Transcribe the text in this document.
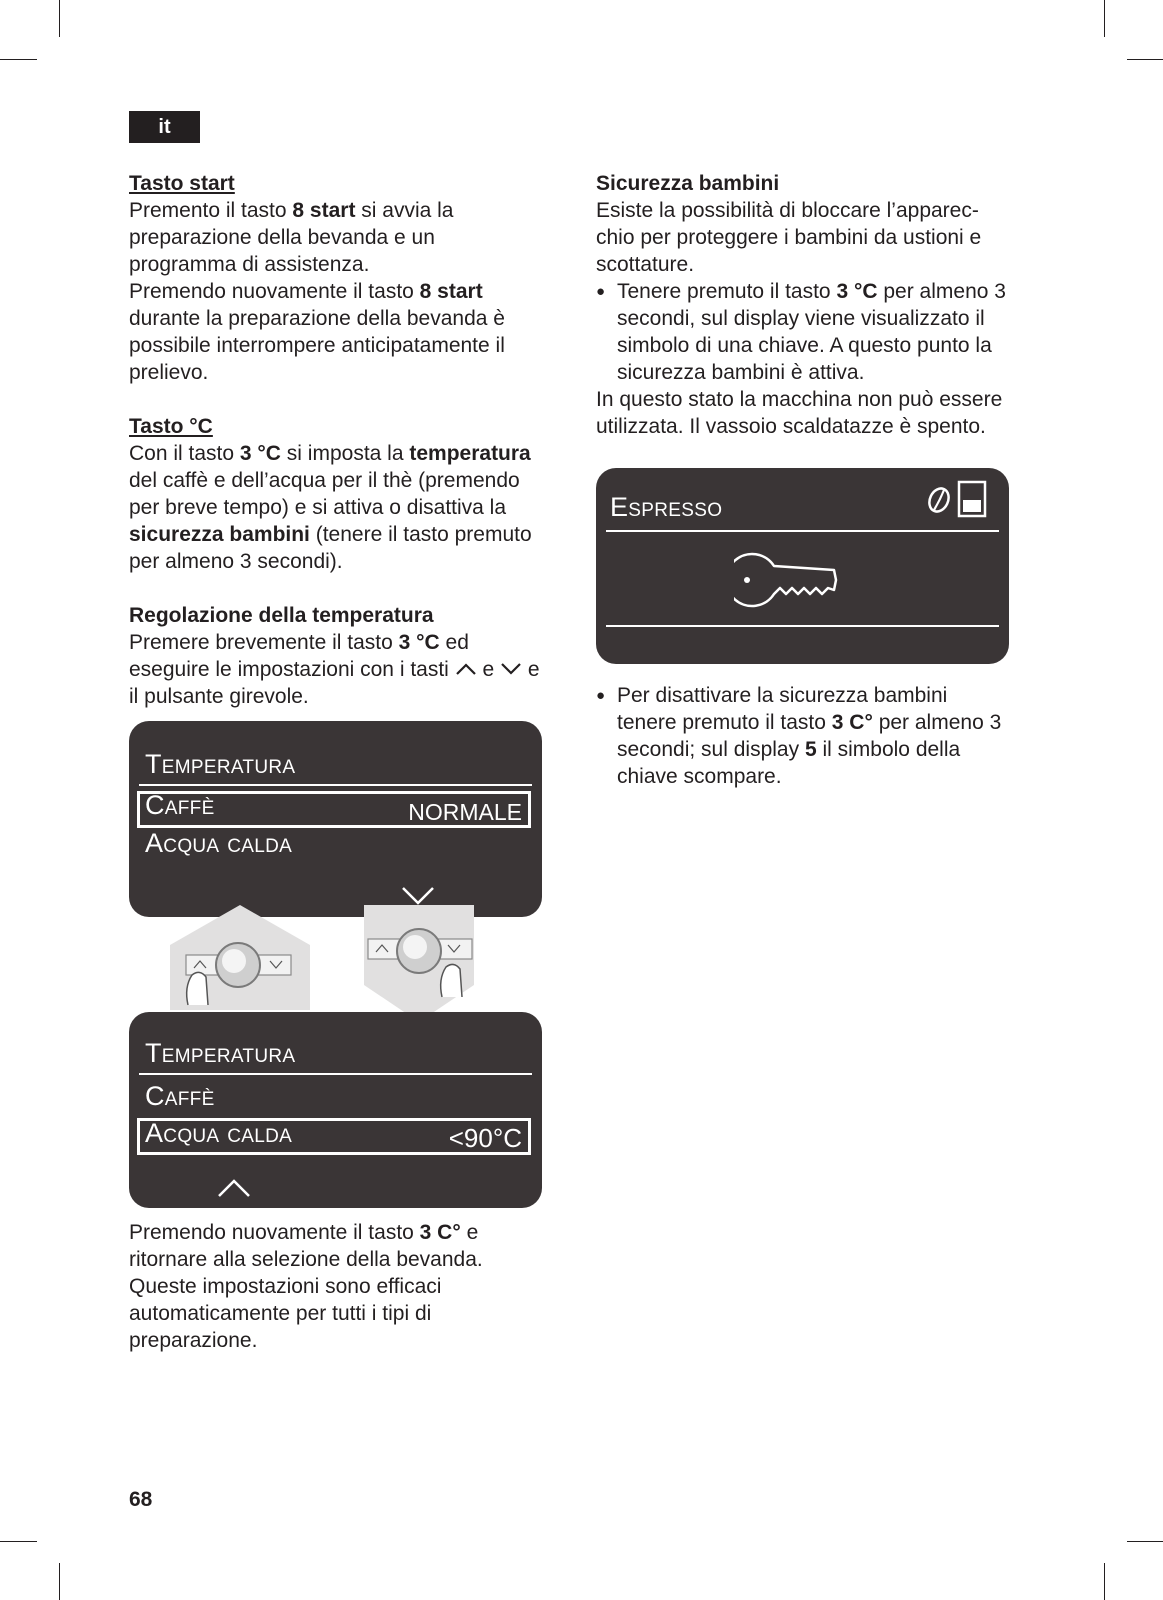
it

Tasto start

Premento il tasto 8 start si avvia la

preparazione della bevanda e un

programma di assistenza.

Premendo nuovamente il tasto 8 start

durante la preparazione della bevanda è

possibile interrompere anticipatamente il

prelievo.

Tasto °C

Con il tasto 3 °C si imposta la temperatura

del caffè e dell’acqua per il thè (premendo

per breve tempo) e si attiva o disattiva la

sicurezza bambini (tenere il tasto premuto

per almeno 3 secondi).

Regolazione della temperatura

Premere brevemente il tasto 3 °C ed

eseguire le impostazioni con i tasti  e  e

il pulsante girevole.

Temperatura
Caffè	NORMALE
Acqua calda
Temperatura
Caffè
Acqua calda	<90°C

Premendo nuovamente il tasto 3 C° e

ritornare alla selezione della bevanda.

Queste impostazioni sono efficaci

automaticamente per tutti i tipi di

preparazione.

Sicurezza bambini

Esiste la possibilità di bloccare l’apparec-

chio per proteggere i bambini da ustioni e

scottature.

● Tenere premuto il tasto 3 °C per almeno 3

secondi, sul display viene visualizzato il

simbolo di una chiave. A questo punto la

sicurezza bambini è attiva.

In questo stato la macchina non può essere

utilizzata. Il vassoio scaldatazze è spento.

Espresso
● Per disattivare la sicurezza bambini

tenere premuto il tasto 3 C° per almeno 3

secondi; sul display 5 il simbolo della

chiave scompare.

68
